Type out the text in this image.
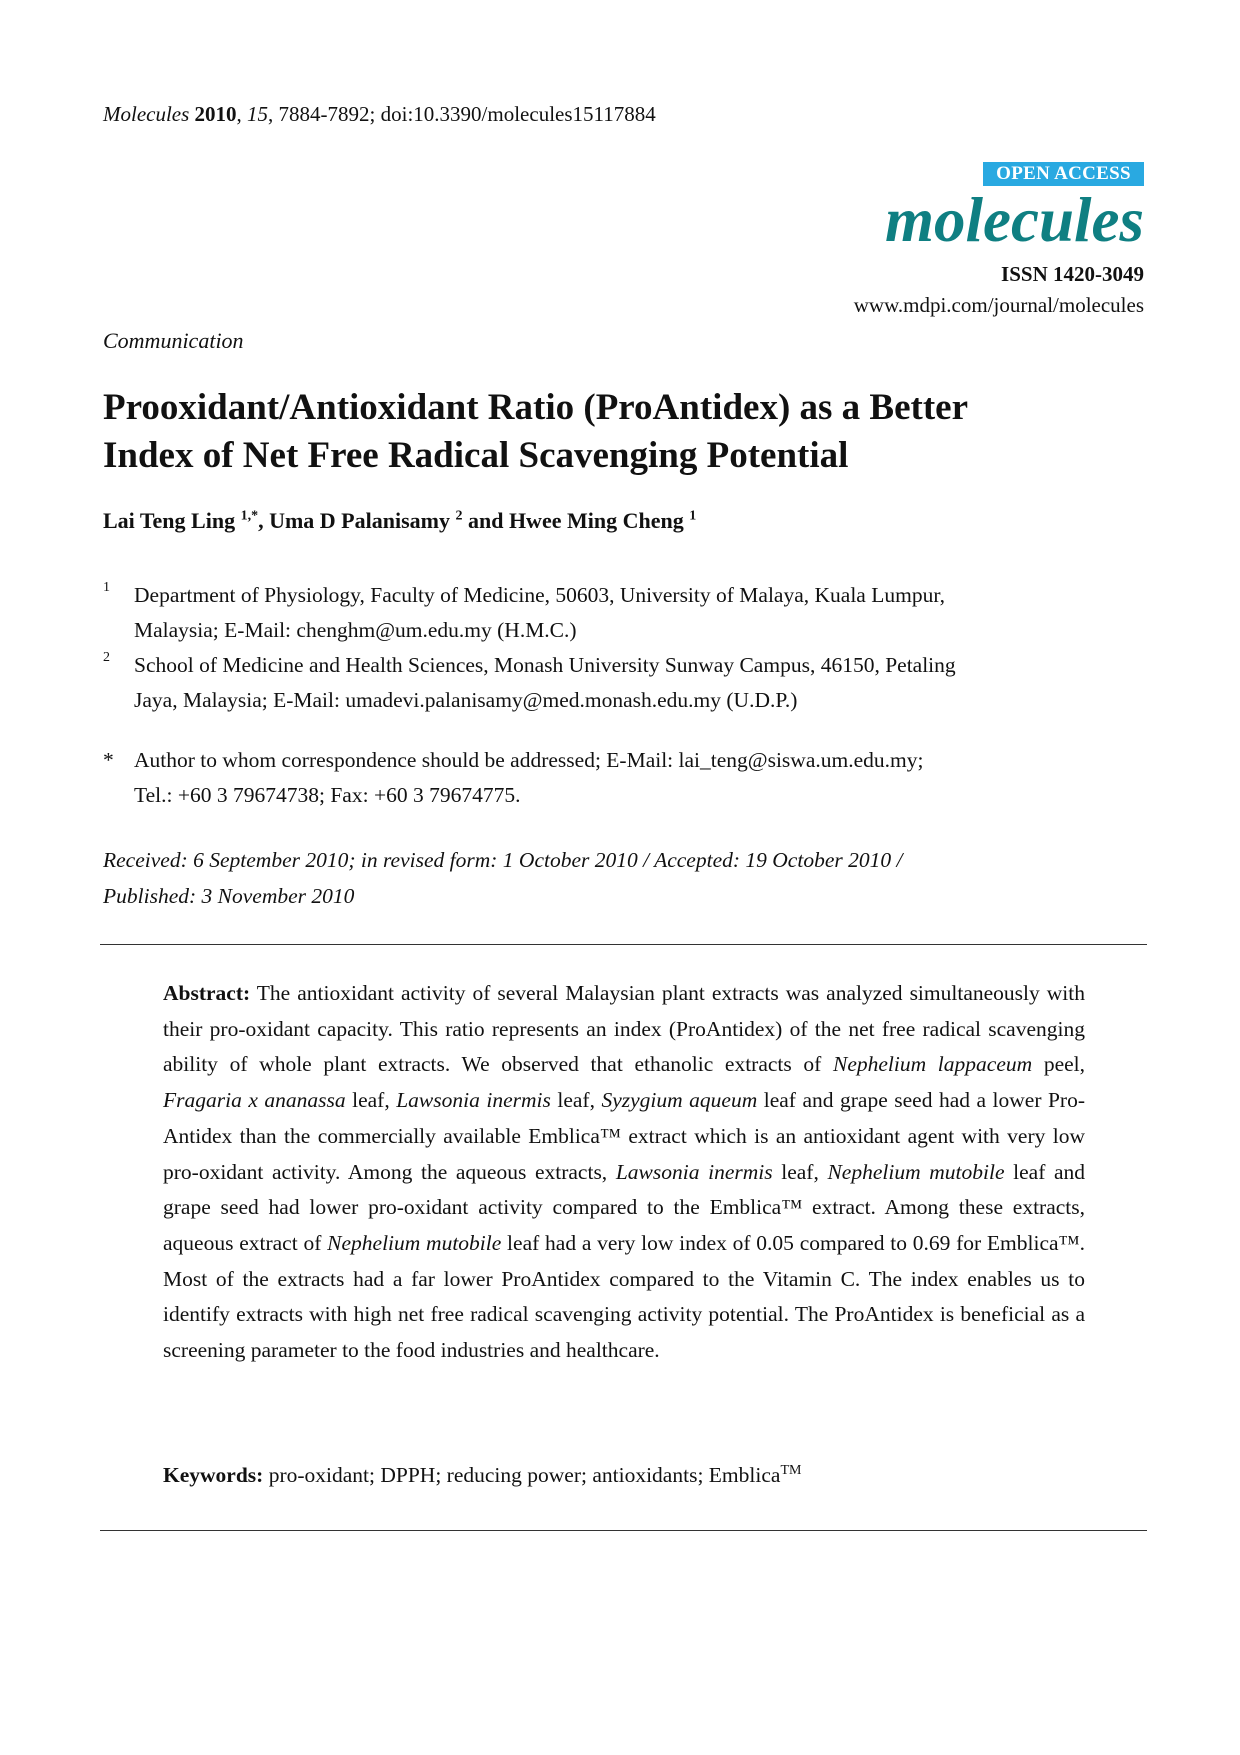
Molecules 2010, 15, 7884-7892; doi:10.3390/molecules15117884
OPEN ACCESS
molecules
ISSN 1420-3049
www.mdpi.com/journal/molecules
Communication
Prooxidant/Antioxidant Ratio (ProAntidex) as a Better
Index of Net Free Radical Scavenging Potential
Lai Teng Ling $^{1,*}$, Uma D Palanisamy $^2$ and Hwee Ming Cheng $^1$
1 Department of Physiology, Faculty of Medicine, 50603, University of Malaya, Kuala Lumpur,
Malaysia; E-Mail: chenghm@um.edu.my (H.M.C.)
2 School of Medicine and Health Sciences, Monash University Sunway Campus, 46150, Petaling
Jaya, Malaysia; E-Mail: umadevi.palanisamy@med.monash.edu.my (U.D.P.)
* Author to whom correspondence should be addressed; E-Mail: lai_teng@siswa.um.edu.my;
Tel.: +60 3 79674738; Fax: +60 3 79674775.
Received: 6 September 2010; in revised form: 1 October 2010 / Accepted: 19 October 2010 /
Published: 3 November 2010

Abstract: The antioxidant activity of several Malaysian plant extracts was analyzed simultaneously with their pro-oxidant capacity. This ratio represents an index (ProAntidex) of the net free radical scavenging ability of whole plant extracts. We observed that ethanolic extracts of Nephelium lappaceum peel, Fragaria x ananassa leaf, Lawsonia inermis leaf, Syzygium aqueum leaf and grape seed had a lower Pro-Antidex than the commercially available Emblica™ extract which is an antioxidant agent with very low pro-oxidant activity. Among the aqueous extracts, Lawsonia inermis leaf, Nephelium mutobile leaf and grape seed had lower pro-oxidant activity compared to the Emblica™ extract. Among these extracts, aqueous extract of Nephelium mutobile leaf had a very low index of 0.05 compared to 0.69 for Emblica™. Most of the extracts had a far lower ProAntidex compared to the Vitamin C. The index enables us to identify extracts with high net free radical scavenging activity potential. The ProAntidex is beneficial as a screening parameter to the food industries and healthcare.

Keywords: pro-oxidant; DPPH; reducing power; antioxidants; Emblica™
